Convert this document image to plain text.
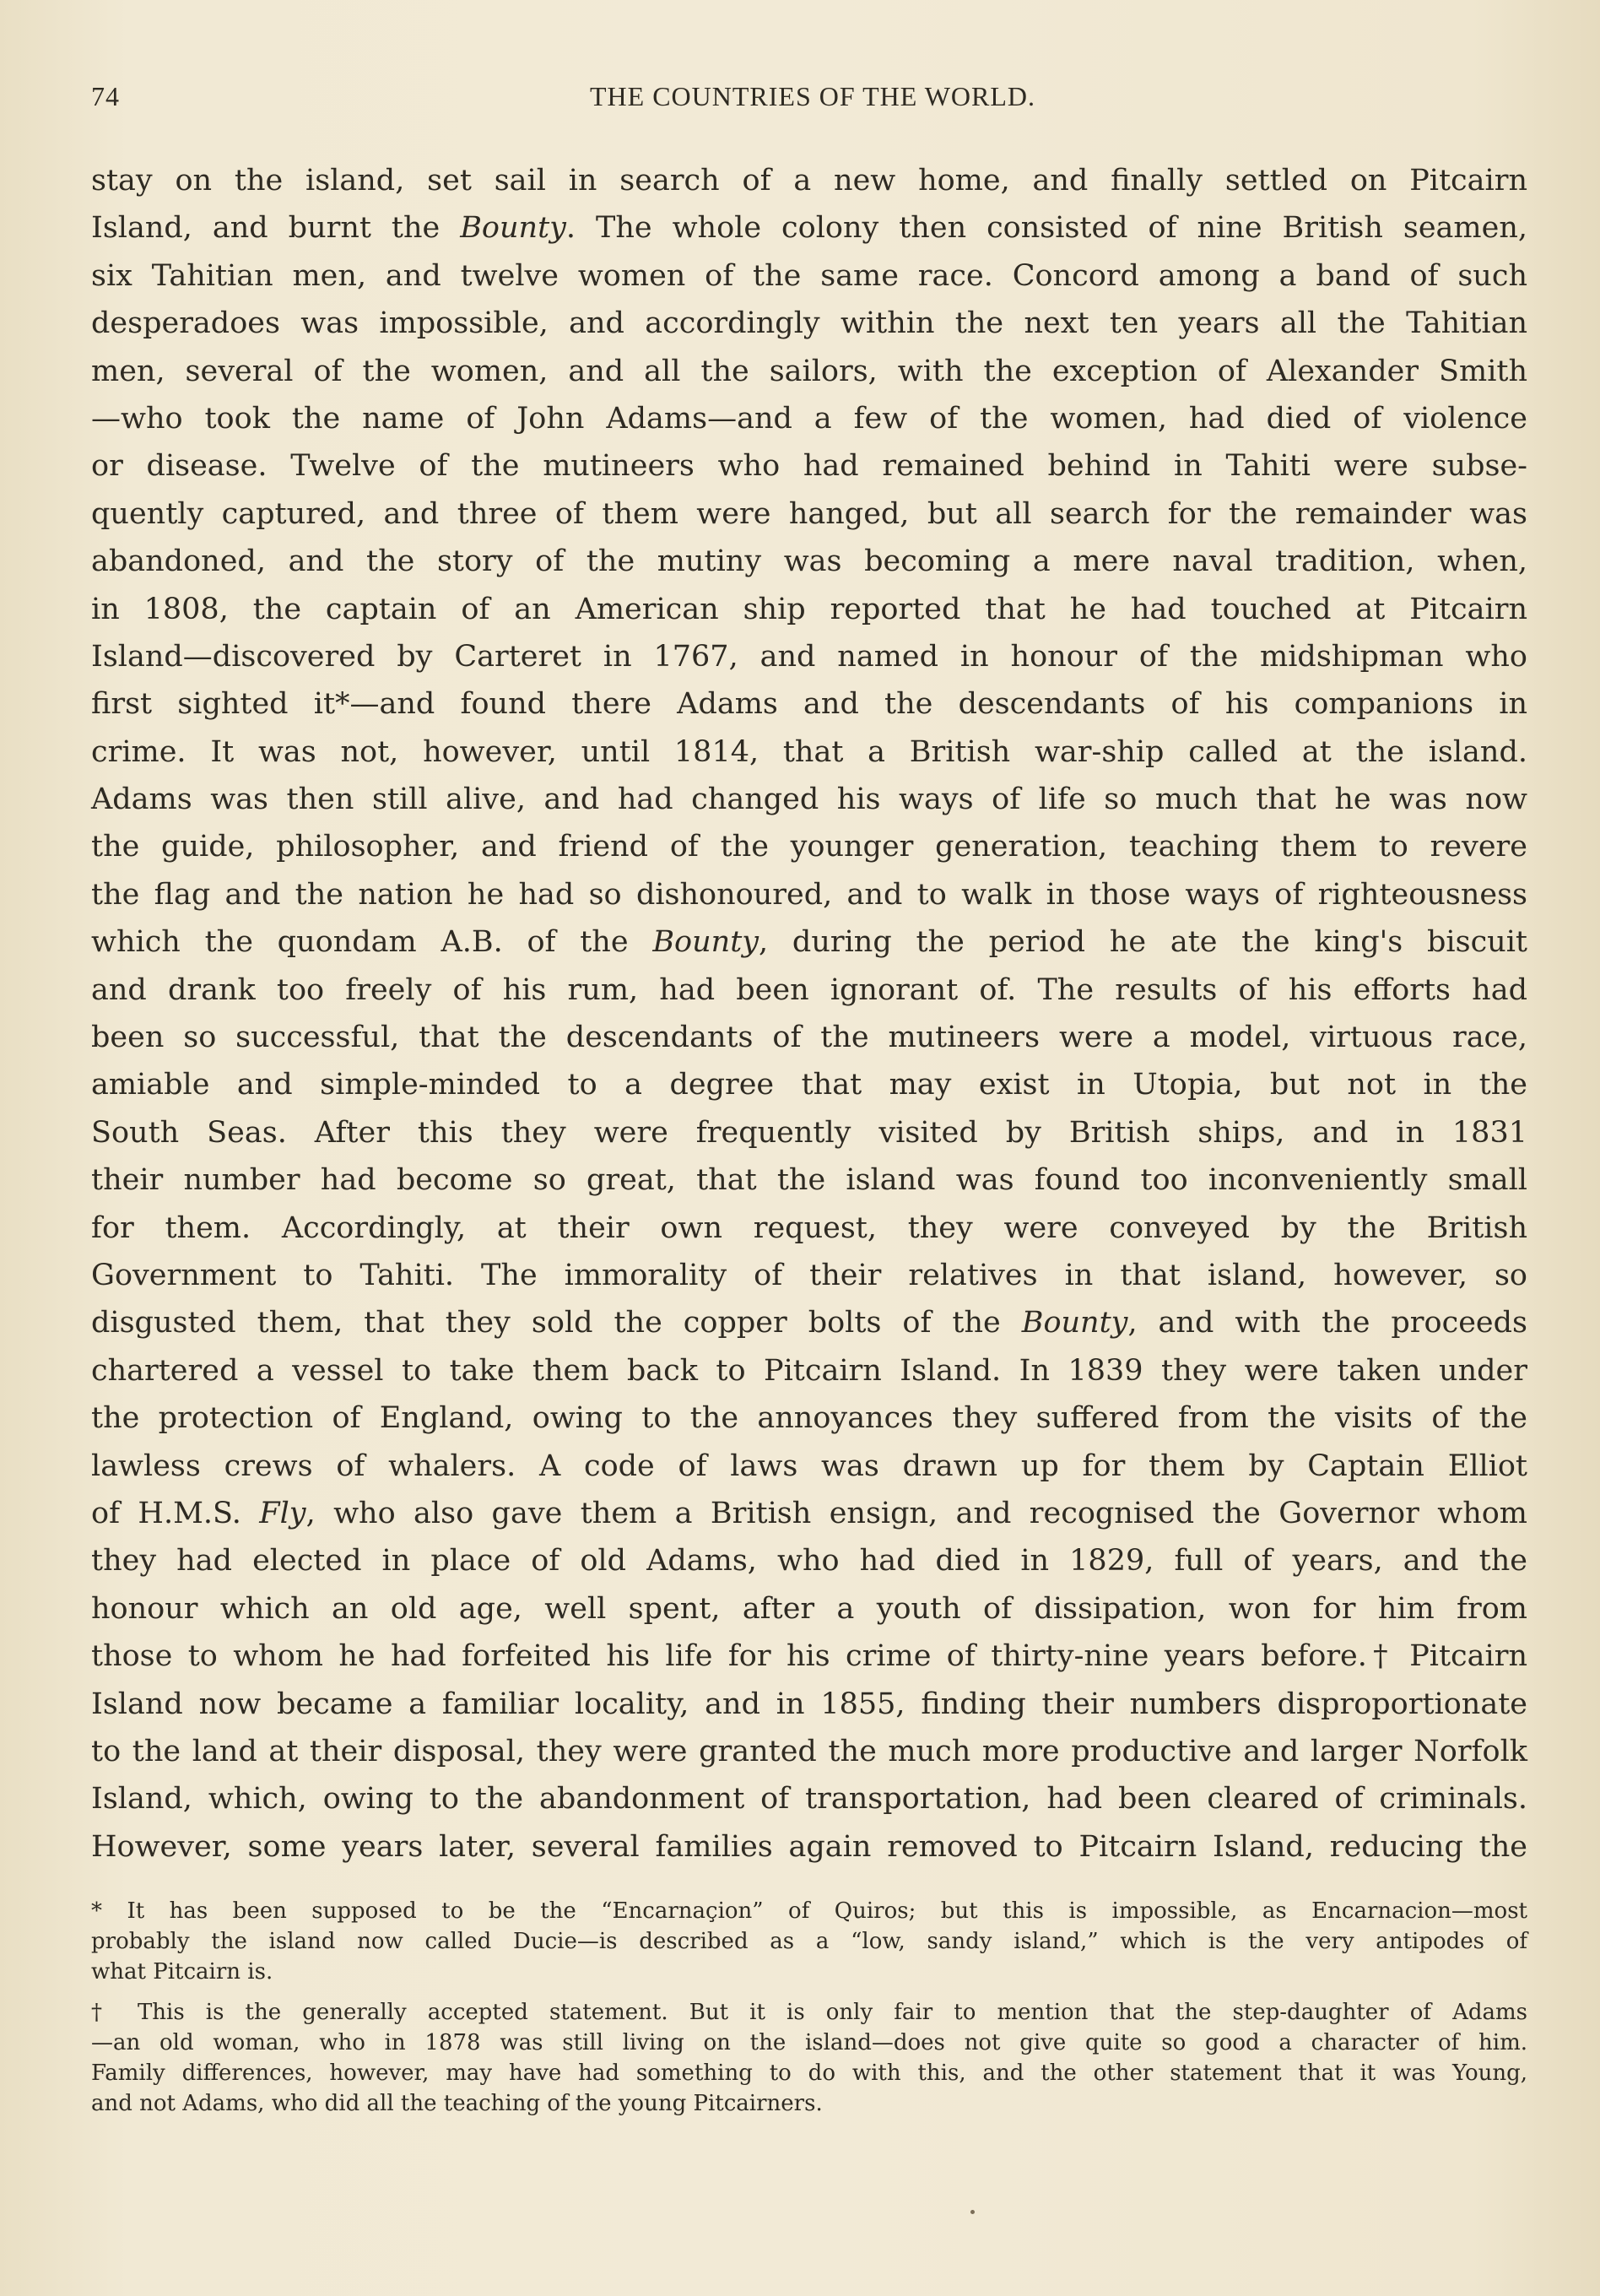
74	THE COUNTRIES OF THE WORLD.
stay on the island, set sail in search of a new home, and finally settled on Pitcairn
Island, and burnt the Bounty. The whole colony then consisted of nine British seamen,
six Tahitian men, and twelve women of the same race. Concord among a band of such
desperadoes was impossible, and accordingly within the next ten years all the Tahitian
men, several of the women, and all the sailors, with the exception of Alexander Smith
—who took the name of John Adams—and a few of the women, had died of violence
or disease. Twelve of the mutineers who had remained behind in Tahiti were subse-
quently captured, and three of them were hanged, but all search for the remainder was
abandoned, and the story of the mutiny was becoming a mere naval tradition, when,
in 1808, the captain of an American ship reported that he had touched at Pitcairn
Island—discovered by Carteret in 1767, and named in honour of the midshipman who
first sighted it*—and found there Adams and the descendants of his companions in
crime. It was not, however, until 1814, that a British war-ship called at the island.
Adams was then still alive, and had changed his ways of life so much that he was now
the guide, philosopher, and friend of the younger generation, teaching them to revere
the flag and the nation he had so dishonoured, and to walk in those ways of righteousness
which the quondam A.B. of the Bounty, during the period he ate the king's biscuit
and drank too freely of his rum, had been ignorant of. The results of his efforts had
been so successful, that the descendants of the mutineers were a model, virtuous race,
amiable and simple-minded to a degree that may exist in Utopia, but not in the
South Seas. After this they were frequently visited by British ships, and in 1831
their number had become so great, that the island was found too inconveniently small
for them. Accordingly, at their own request, they were conveyed by the British
Government to Tahiti. The immorality of their relatives in that island, however, so
disgusted them, that they sold the copper bolts of the Bounty, and with the proceeds
chartered a vessel to take them back to Pitcairn Island. In 1839 they were taken under
the protection of England, owing to the annoyances they suffered from the visits of the
lawless crews of whalers. A code of laws was drawn up for them by Captain Elliot
of H.M.S. Fly, who also gave them a British ensign, and recognised the Governor whom
they had elected in place of old Adams, who had died in 1829, full of years, and the
honour which an old age, well spent, after a youth of dissipation, won for him from
those to whom he had forfeited his life for his crime of thirty-nine years before.† Pitcairn
Island now became a familiar locality, and in 1855, finding their numbers disproportionate
to the land at their disposal, they were granted the much more productive and larger Norfolk
Island, which, owing to the abandonment of transportation, had been cleared of criminals.
However, some years later, several families again removed to Pitcairn Island, reducing the
* It has been supposed to be the “Encarnaçion” of Quiros; but this is impossible, as Encarnacion—most
probably the island now called Ducie—is described as a “low, sandy island,” which is the very antipodes of
what Pitcairn is.
† This is the generally accepted statement. But it is only fair to mention that the step-daughter of Adams
—an old woman, who in 1878 was still living on the island—does not give quite so good a character of him.
Family differences, however, may have had something to do with this, and the other statement that it was Young,
and not Adams, who did all the teaching of the young Pitcairners.
